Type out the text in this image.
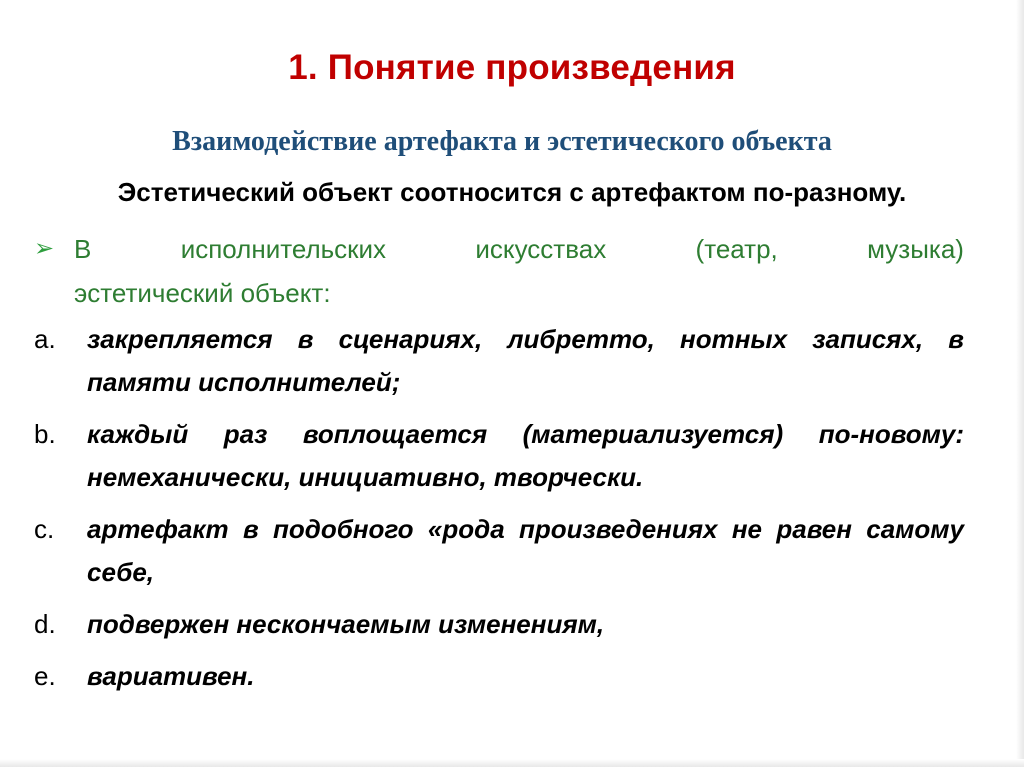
1. Понятие произведения
Взаимодействие артефакта и эстетического объекта
Эстетический объект соотносится с артефактом по-разному.
➢ В	исполнительских	искусствах	(театр,	музыка)
эстетический объект:
a.	закрепляется в сценариях, либретто, нотных записях, в памяти исполнителей;
b.	каждый раз воплощается (материализуется) по-новому: немеханически, инициативно, творчески.
c.	артефакт в подобного «рода произведениях не равен самому себе,
d.	подвержен нескончаемым изменениям,
e.	вариативен.
